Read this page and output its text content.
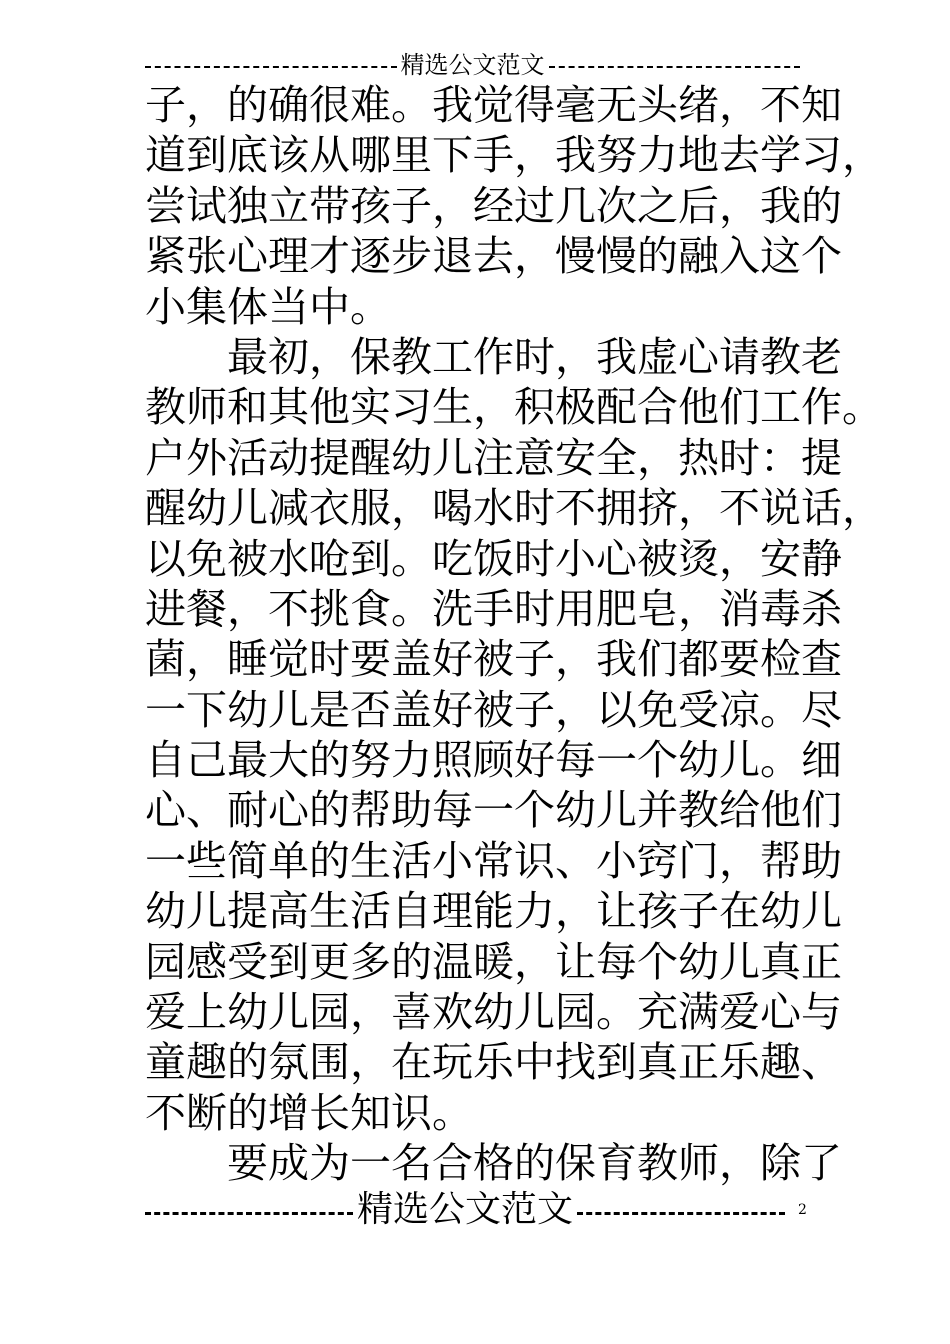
精选公文范文
子，的确很难。我觉得毫无头绪，不知
道到底该从哪里下手，我努力地去学习，
尝试独立带孩子，经过几次之后，我的
紧张心理才逐步退去，慢慢的融入这个
小集体当中。
最初，保教工作时，我虚心请教老
教师和其他实习生，积极配合他们工作。
户外活动提醒幼儿注意安全，热时：提
醒幼儿减衣服，喝水时不拥挤，不说话，
以免被水呛到。吃饭时小心被烫，安静
进餐，不挑食。洗手时用肥皂，消毒杀
菌，睡觉时要盖好被子，我们都要检查
一下幼儿是否盖好被子，以免受凉。尽
自己最大的努力照顾好每一个幼儿。细
心、耐心的帮助每一个幼儿并教给他们
一些简单的生活小常识、小窍门，帮助
幼儿提高生活自理能力，让孩子在幼儿
园感受到更多的温暖，让每个幼儿真正
爱上幼儿园，喜欢幼儿园。充满爱心与
童趣的氛围，在玩乐中找到真正乐趣、
不断的增长知识。
要成为一名合格的保育教师，除了
精选公文范文	2
